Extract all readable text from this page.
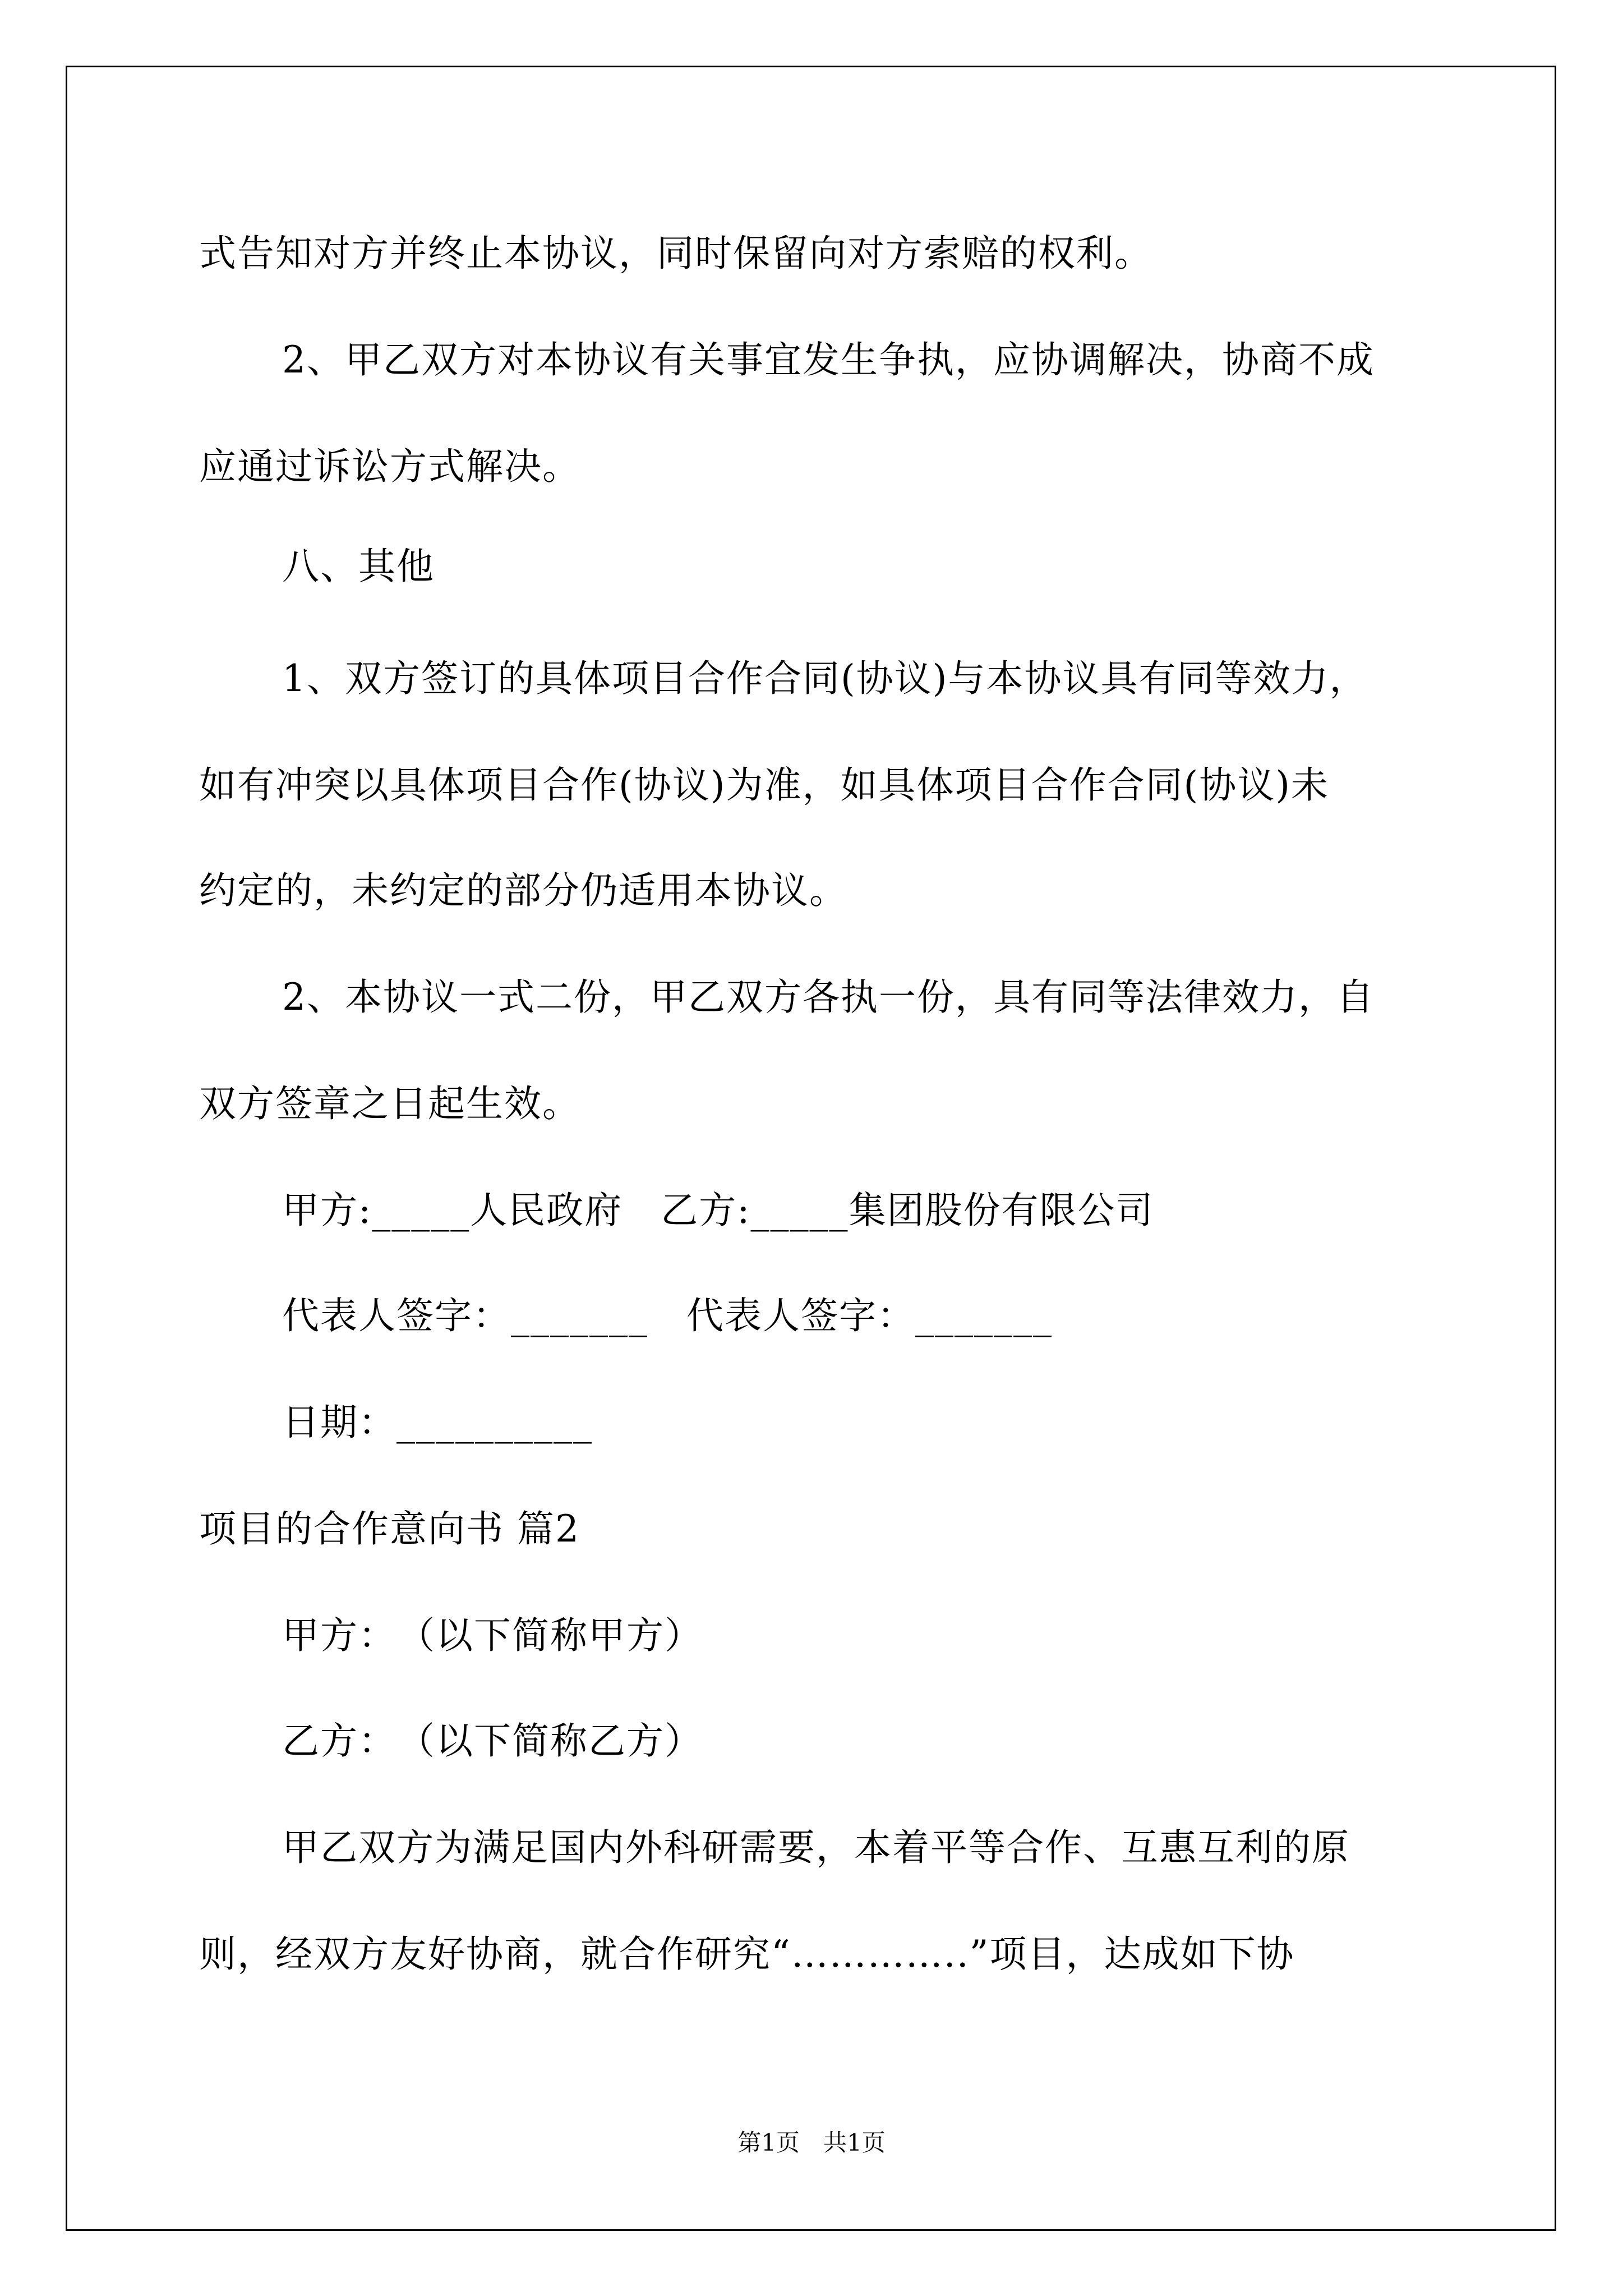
式告知对方并终止本协议，同时保留向对方索赔的权利。
2、甲乙双方对本协议有关事宜发生争执，应协调解决，协商不成
应通过诉讼方式解决。
八、其他
1、双方签订的具体项目合作合同(协议)与本协议具有同等效力，
如有冲突以具体项目合作(协议)为准，如具体项目合作合同(协议)未
约定的，未约定的部分仍适用本协议。
2、本协议一式二份，甲乙双方各执一份，具有同等法律效力，自
双方签章之日起生效。
甲方:_____人民政府　乙方:_____集团股份有限公司
代表人签字：_______　代表人签字：_______
日期：__________
项目的合作意向书 篇2
甲方：　（以下简称甲方）
乙方：　（以下简称乙方）
甲乙双方为满足国内外科研需要，本着平等合作、互惠互利的原
则，经双方友好协商，就合作研究“…………..”项目，达成如下协
第1页　共1页
